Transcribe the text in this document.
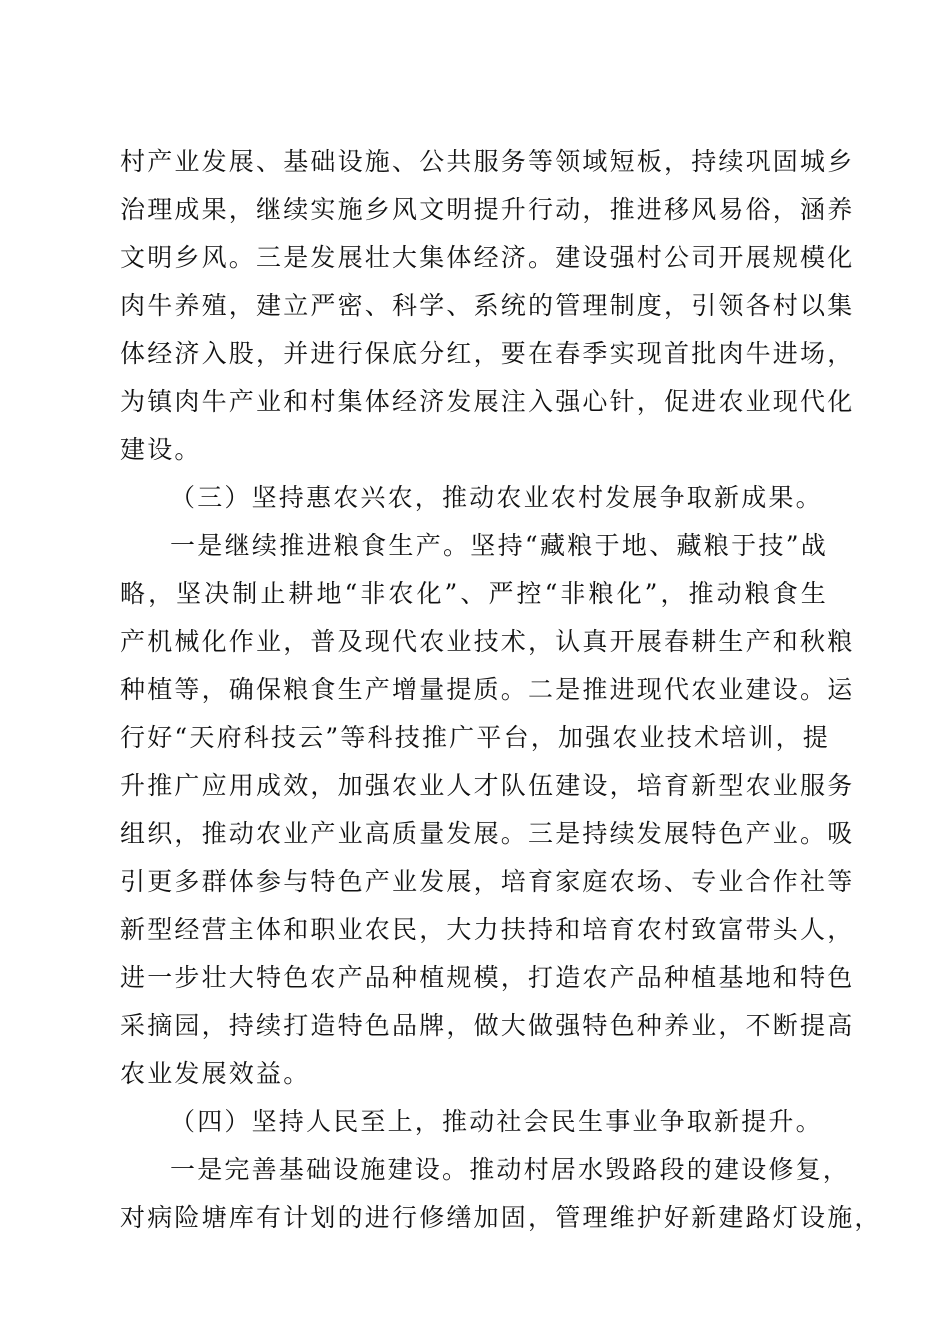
村产业发展、基础设施、公共服务等领域短板，持续巩固城乡
治理成果，继续实施乡风文明提升行动，推进移风易俗，涵养
文明乡风。三是发展壮大集体经济。建设强村公司开展规模化
肉牛养殖，建立严密、科学、系统的管理制度，引领各村以集
体经济入股，并进行保底分红，要在春季实现首批肉牛进场，
为镇肉牛产业和村集体经济发展注入强心针，促进农业现代化
建设。
（三）坚持惠农兴农，推动农业农村发展争取新成果。
一是继续推进粮食生产。坚持“藏粮于地、藏粮于技”战
略，坚决制止耕地“非农化”、严控“非粮化”，推动粮食生
产机械化作业，普及现代农业技术，认真开展春耕生产和秋粮
种植等，确保粮食生产增量提质。二是推进现代农业建设。运
行好“天府科技云”等科技推广平台，加强农业技术培训，提
升推广应用成效，加强农业人才队伍建设，培育新型农业服务
组织，推动农业产业高质量发展。三是持续发展特色产业。吸
引更多群体参与特色产业发展，培育家庭农场、专业合作社等
新型经营主体和职业农民，大力扶持和培育农村致富带头人，
进一步壮大特色农产品种植规模，打造农产品种植基地和特色
采摘园，持续打造特色品牌，做大做强特色种养业，不断提高
农业发展效益。
（四）坚持人民至上，推动社会民生事业争取新提升。
一是完善基础设施建设。推动村居水毁路段的建设修复，
对病险塘库有计划的进行修缮加固，管理维护好新建路灯设施，
